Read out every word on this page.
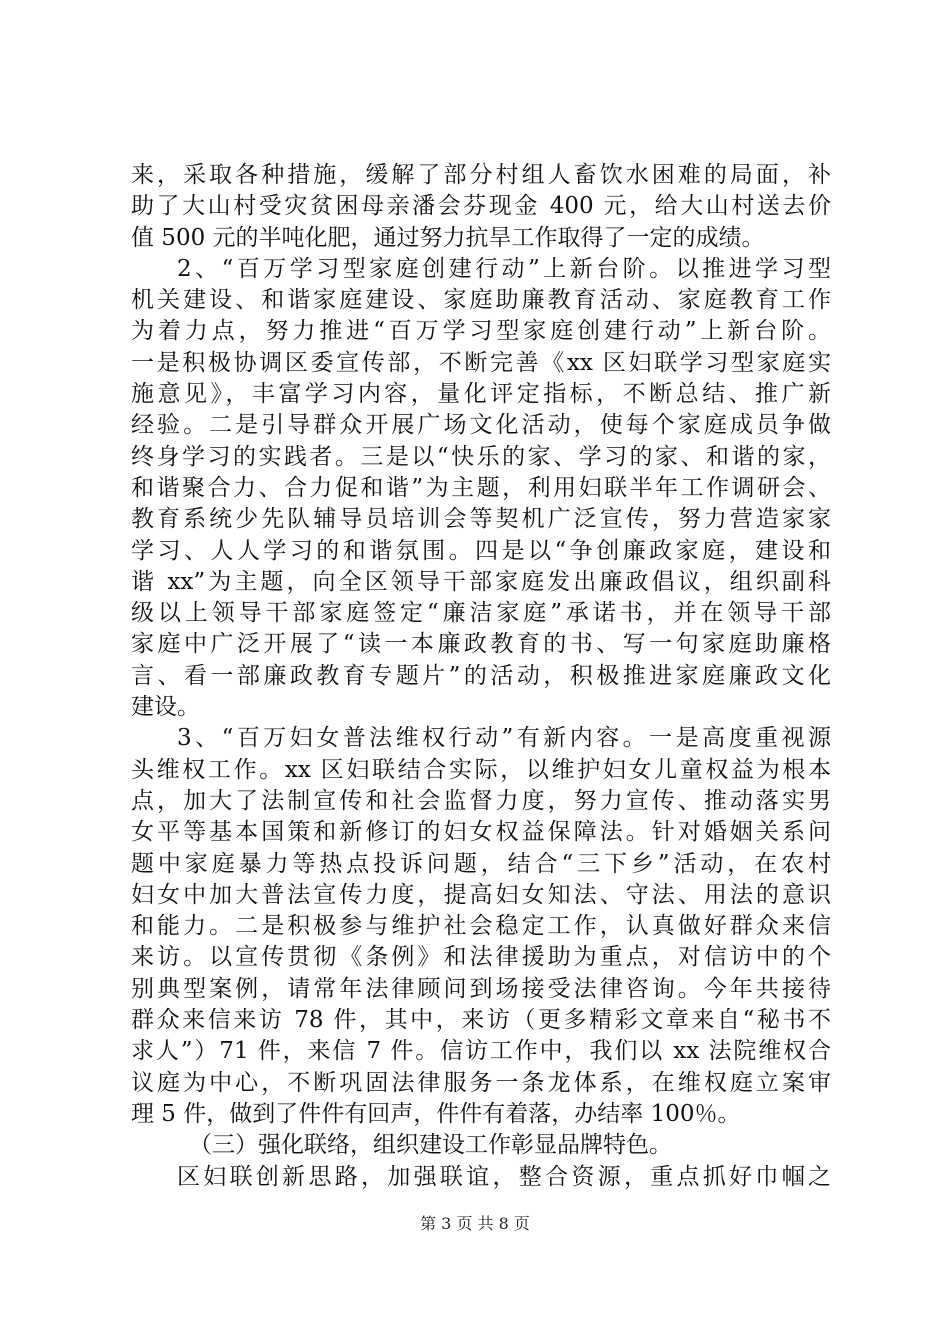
来，采取各种措施，缓解了部分村组人畜饮水困难的局面，补
助了大山村受灾贫困母亲潘会芬现金 400 元，给大山村送去价
值 500 元的半吨化肥，通过努力抗旱工作取得了一定的成绩。
2、“百万学习型家庭创建行动”上新台阶。以推进学习型
机关建设、和谐家庭建设、家庭助廉教育活动、家庭教育工作
为着力点，努力推进“百万学习型家庭创建行动”上新台阶。
一是积极协调区委宣传部，不断完善《xx 区妇联学习型家庭实
施意见》，丰富学习内容，量化评定指标，不断总结、推广新
经验。二是引导群众开展广场文化活动，使每个家庭成员争做
终身学习的实践者。三是以“快乐的家、学习的家、和谐的家，
和谐聚合力、合力促和谐”为主题，利用妇联半年工作调研会、
教育系统少先队辅导员培训会等契机广泛宣传，努力营造家家
学习、人人学习的和谐氛围。四是以“争创廉政家庭，建设和
谐 xx”为主题，向全区领导干部家庭发出廉政倡议，组织副科
级以上领导干部家庭签定“廉洁家庭”承诺书，并在领导干部
家庭中广泛开展了“读一本廉政教育的书、写一句家庭助廉格
言、看一部廉政教育专题片”的活动，积极推进家庭廉政文化
建设。
3、“百万妇女普法维权行动”有新内容。一是高度重视源
头维权工作。xx 区妇联结合实际，以维护妇女儿童权益为根本
点，加大了法制宣传和社会监督力度，努力宣传、推动落实男
女平等基本国策和新修订的妇女权益保障法。针对婚姻关系问
题中家庭暴力等热点投诉问题，结合“三下乡”活动，在农村
妇女中加大普法宣传力度，提高妇女知法、守法、用法的意识
和能力。二是积极参与维护社会稳定工作，认真做好群众来信
来访。以宣传贯彻《条例》和法律援助为重点，对信访中的个
别典型案例，请常年法律顾问到场接受法律咨询。今年共接待
群众来信来访 78 件，其中，来访（更多精彩文章来自“秘书不
求人”）71 件，来信 7 件。信访工作中，我们以 xx 法院维权合
议庭为中心，不断巩固法律服务一条龙体系，在维权庭立案审
理 5 件，做到了件件有回声，件件有着落，办结率 100％。
（三）强化联络，组织建设工作彰显品牌特色。
区妇联创新思路，加强联谊，整合资源，重点抓好巾帼之
第 3 页 共 8 页
